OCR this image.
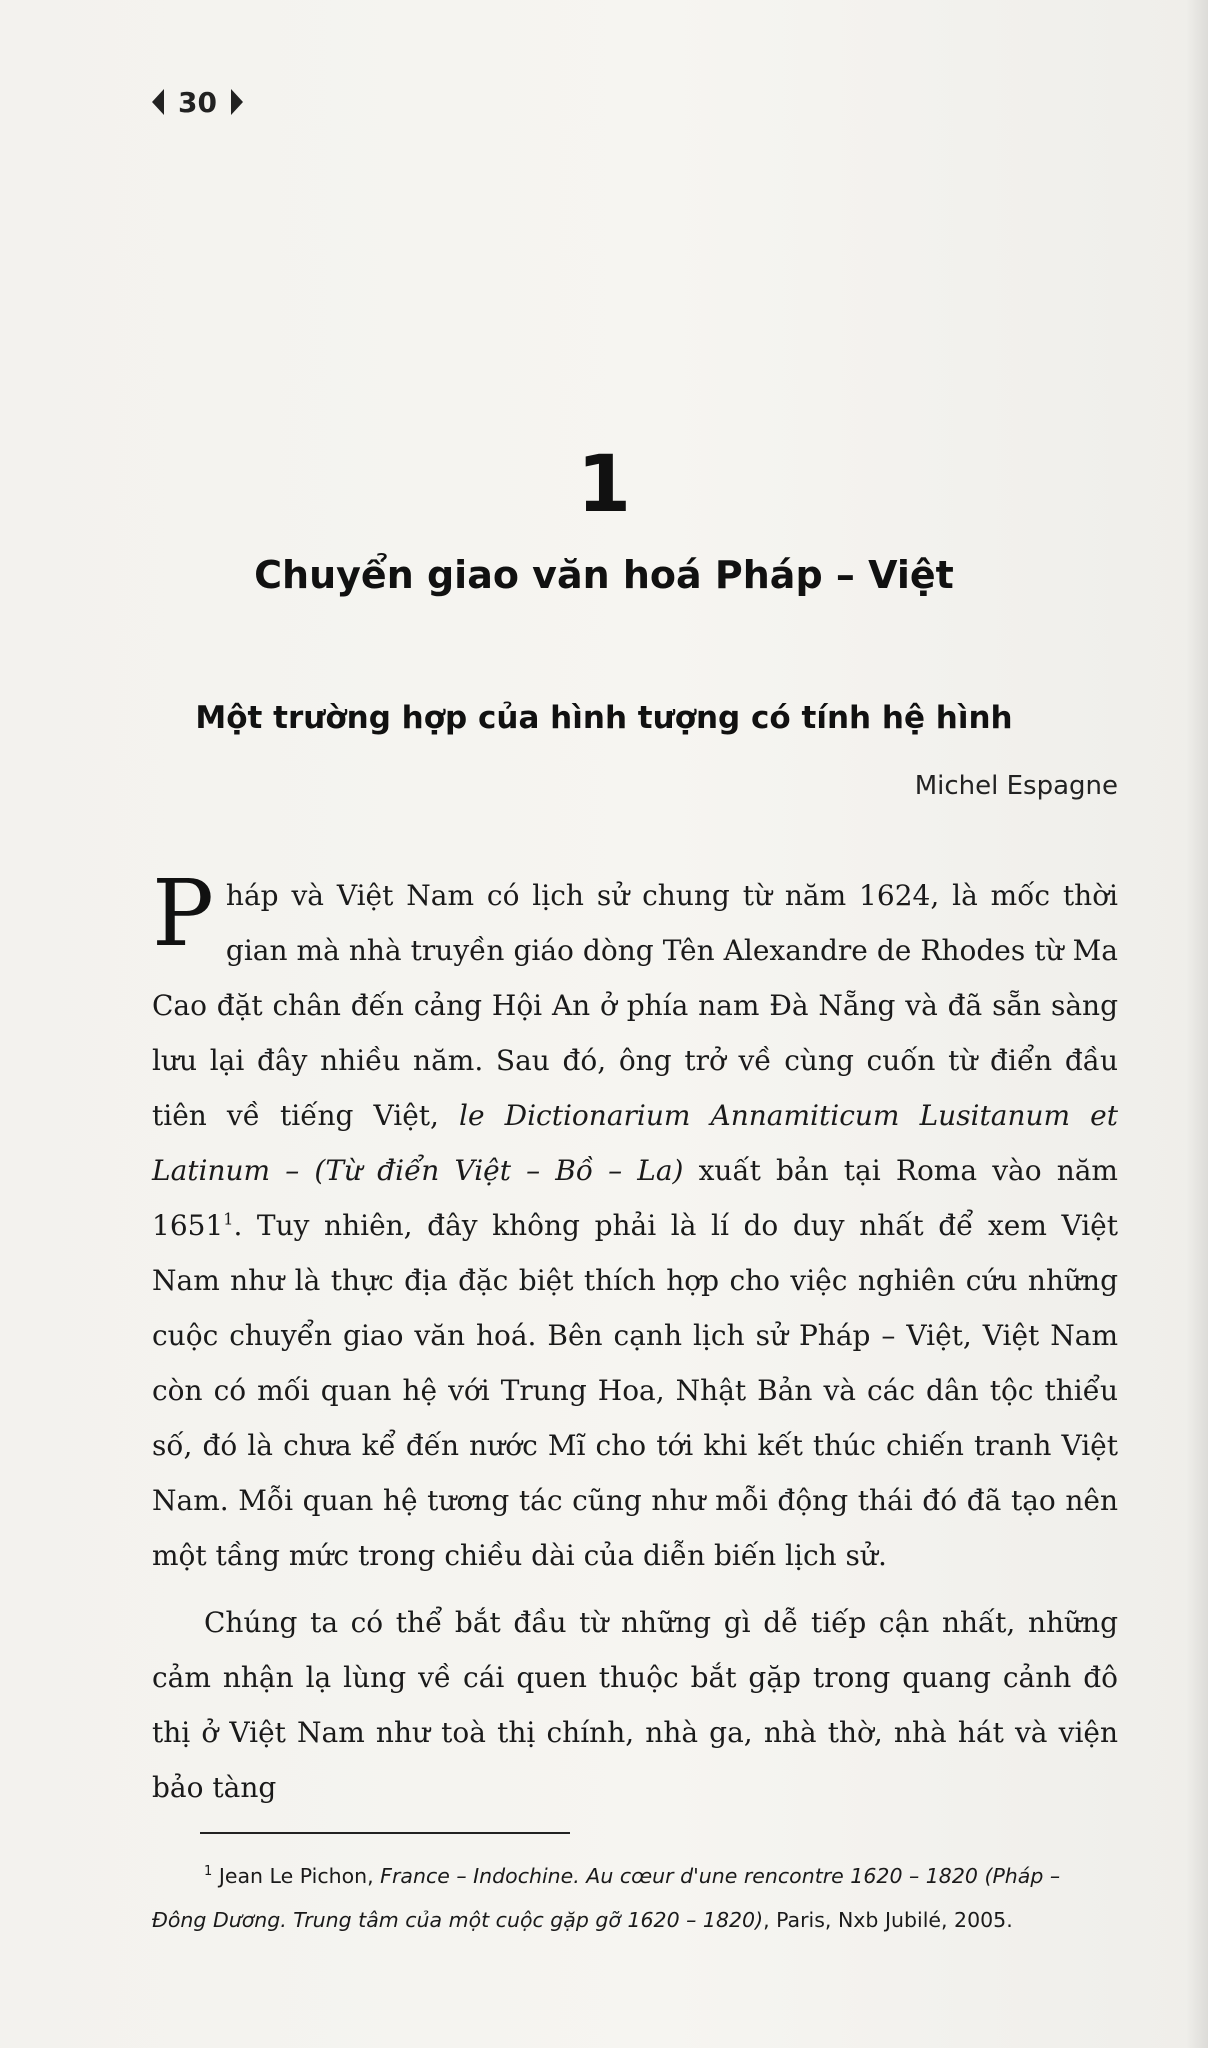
30
1
Chuyển giao văn hoá Pháp – Việt
Một trường hợp của hình tượng có tính hệ hình
Michel Espagne

Pháp và Việt Nam có lịch sử chung từ năm 1624, là mốc thời gian mà nhà truyền giáo dòng Tên Alexandre de Rhodes từ Ma Cao đặt chân đến cảng Hội An ở phía nam Đà Nẵng và đã sẵn sàng lưu lại đây nhiều năm. Sau đó, ông trở về cùng cuốn từ điển đầu tiên về tiếng Việt, le Dictionarium Annamiticum Lusitanum et Latinum – (Từ điển Việt – Bồ – La) xuất bản tại Roma vào năm 1651$^1$. Tuy nhiên, đây không phải là lí do duy nhất để xem Việt Nam như là thực địa đặc biệt thích hợp cho việc nghiên cứu những cuộc chuyển giao văn hoá. Bên cạnh lịch sử Pháp – Việt, Việt Nam còn có mối quan hệ với Trung Hoa, Nhật Bản và các dân tộc thiểu số, đó là chưa kể đến nước Mĩ cho tới khi kết thúc chiến tranh Việt Nam. Mỗi quan hệ tương tác cũng như mỗi động thái đó đã tạo nên một tầng mức trong chiều dài của diễn biến lịch sử.

Chúng ta có thể bắt đầu từ những gì dễ tiếp cận nhất, những cảm nhận lạ lùng về cái quen thuộc bắt gặp trong quang cảnh đô thị ở Việt Nam như toà thị chính, nhà ga, nhà thờ, nhà hát và viện bảo tàng

$^1$ Jean Le Pichon, France – Indochine. Au cœur d'une rencontre 1620 – 1820 (Pháp – Đông Dương. Trung tâm của một cuộc gặp gỡ 1620 – 1820), Paris, Nxb Jubilé, 2005.
